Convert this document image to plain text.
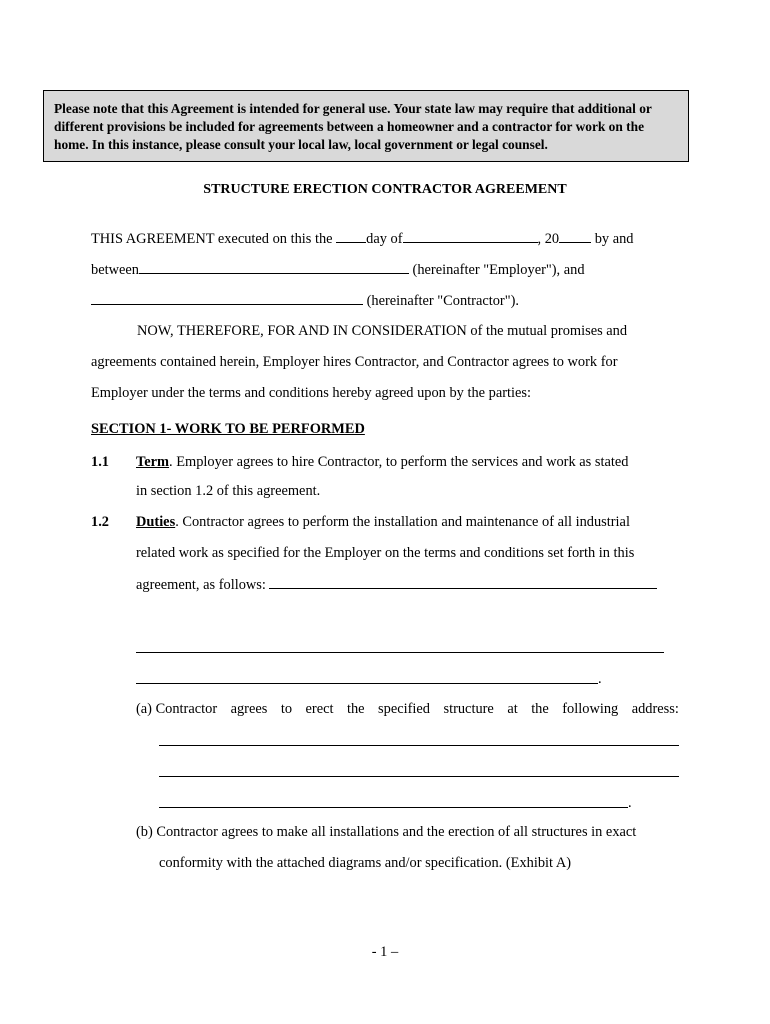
Please note that this Agreement is intended for general use. Your state law may require that additional or
different provisions be included for agreements between a homeowner and a contractor for work on the
home. In this instance, please consult your local law, local government or legal counsel.
STRUCTURE ERECTION CONTRACTOR AGREEMENT
THIS AGREEMENT executed on this the day of	, 20 by and
between	(hereinafter "Employer"), and
(hereinafter "Contractor").
NOW, THEREFORE, FOR AND IN CONSIDERATION of the mutual promises and
agreements contained herein, Employer hires Contractor, and Contractor agrees to work for
Employer under the terms and conditions hereby agreed upon by the parties:
SECTION 1- WORK TO BE PERFORMED
1.1 Term. Employer agrees to hire Contractor, to perform the services and work as stated
in section 1.2 of this agreement.
1.2 Duties. Contractor agrees to perform the installation and maintenance of all industrial
related work as specified for the Employer on the terms and conditions set forth in this
agreement, as follows:
.
(a) Contractor agrees to erect the specified structure at the following address:
.
(b) Contractor agrees to make all installations and the erection of all structures in exact
conformity with the attached diagrams and/or specification. (Exhibit A)
- 1 –
